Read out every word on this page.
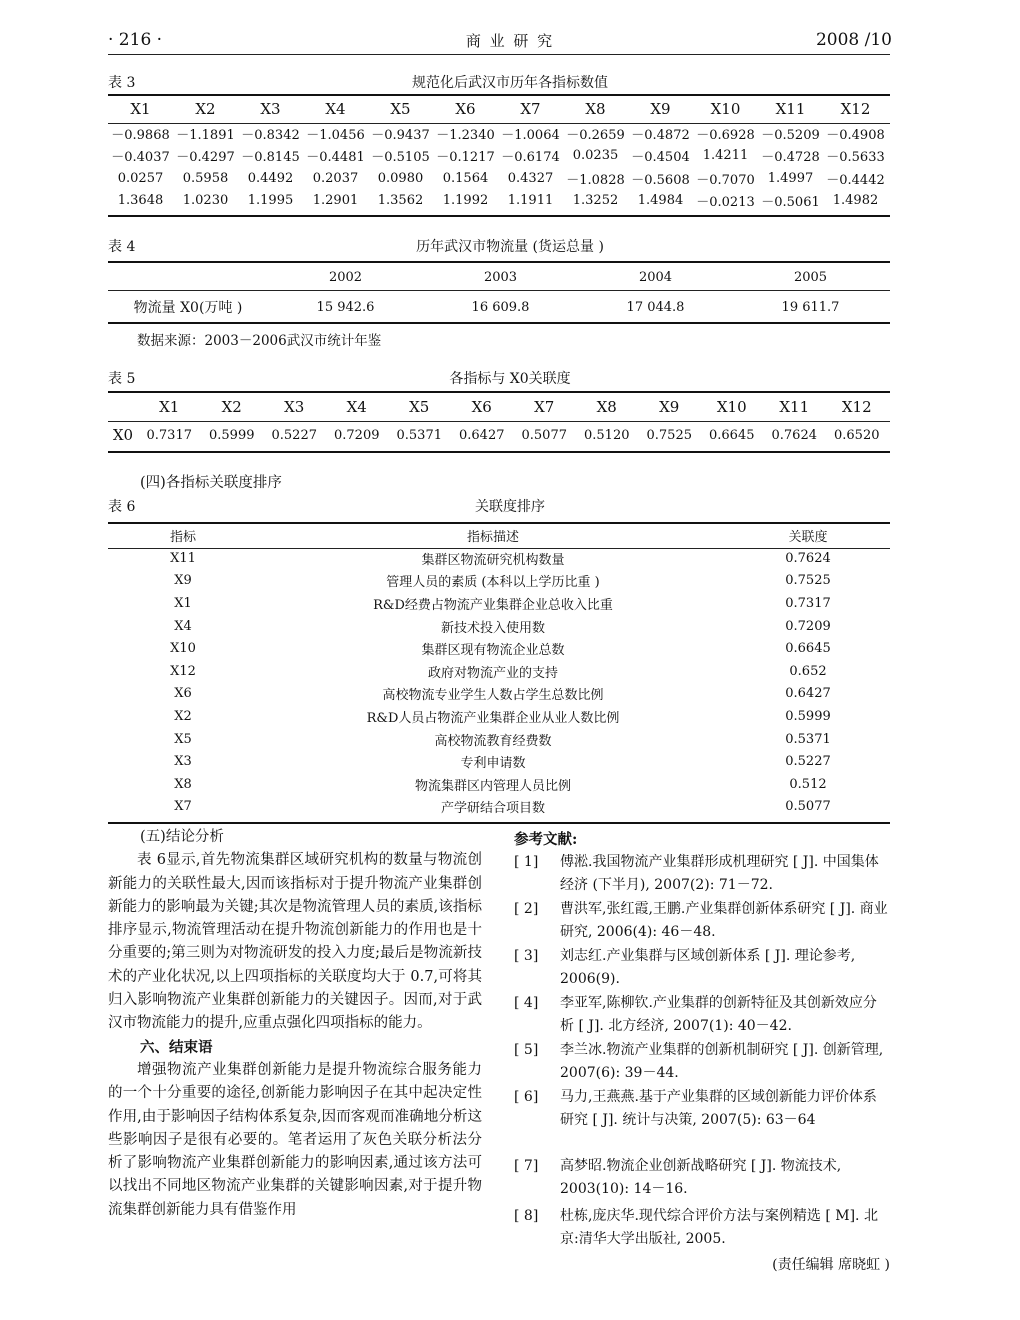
· 216 ·	商 业 研 究	2008 /10
表 3	规范化后武汉市历年各指标数值
X1	X2	X3	X4	X5	X6	X7	X8	X9	X10	X11	X12
－0.9868	－1.1891	－0.8342	－1.0456	－0.9437	－1.2340	－1.0064	－0.2659	－0.4872	－0.6928	－0.5209	－0.4908
－0.4037	－0.4297	－0.8145	－0.4481	－0.5105	－0.1217	－0.6174	0.0235	－0.4504	1.4211	－0.4728	－0.5633
0.0257	0.5958	0.4492	0.2037	0.0980	0.1564	0.4327	－1.0828	－0.5608	－0.7070	1.4997	－0.4442
1.3648	1.0230	1.1995	1.2901	1.3562	1.1992	1.1911	1.3252	1.4984	－0.0213	－0.5061	1.4982
表 4	历年武汉市物流量 (货运总量 )
	2002	2003	2004	2005
物流量 X0(万吨 )	15 942.6	16 609.8	17 044.8	19 611.7
数据来源：2003－2006武汉市统计年鉴
表 5	各指标与 X0关联度
	X1	X2	X3	X4	X5	X6	X7	X8	X9	X10	X11	X12
X0	0.7317	0.5999	0.5227	0.7209	0.5371	0.6427	0.5077	0.5120	0.7525	0.6645	0.7624	0.6520
(四)各指标关联度排序
表 6	关联度排序
指标	指标描述	关联度
X11	集群区物流研究机构数量	0.7624
X9	管理人员的素质 (本科以上学历比重 )	0.7525
X1	R&D经费占物流产业集群企业总收入比重	0.7317
X4	新技术投入使用数	0.7209
X10	集群区现有物流企业总数	0.6645
X12	政府对物流产业的支持	0.652
X6	高校物流专业学生人数占学生总数比例	0.6427
X2	R&D人员占物流产业集群企业从业人数比例	0.5999
X5	高校物流教育经费数	0.5371
X3	专利申请数	0.5227
X8	物流集群区内管理人员比例	0.512
X7	产学研结合项目数	0.5077
(五)结论分析

表 6显示,首先物流集群区域研究机构的数量与物流创新能力的关联性最大,因而该指标对于提升物流产业集群创新能力的影响最为关键;其次是物流管理人员的素质,该指标排序显示,物流管理活动在提升物流创新能力的作用也是十分重要的;第三则为对物流研发的投入力度;最后是物流新技术的产业化状况,以上四项指标的关联度均大于 0.7,可将其归入影响物流产业集群创新能力的关键因子。因而,对于武汉市物流能力的提升,应重点强化四项指标的能力。

六、结束语

增强物流产业集群创新能力是提升物流综合服务能力的一个十分重要的途径,创新能力影响因子在其中起决定性作用,由于影响因子结构体系复杂,因而客观而准确地分析这些影响因子是很有必要的。笔者运用了灰色关联分析法分析了影响物流产业集群创新能力的影响因素,通过该方法可以找出不同地区物流产业集群的关键影响因素,对于提升物流集群创新能力具有借鉴作用

参考文献:
[ 1]	傅淞.我国物流产业集群形成机理研究 [ J]. 中国集体经济 (下半月), 2007(2): 71－72.
[ 2]	曹洪军,张红霞,王鹏.产业集群创新体系研究 [ J]. 商业研究, 2006(4): 46－48.
[ 3]	刘志红.产业集群与区域创新体系 [ J]. 理论参考, 2006(9).
[ 4]	李亚军,陈柳钦.产业集群的创新特征及其创新效应分析 [ J]. 北方经济, 2007(1): 40－42.
[ 5]	李兰冰.物流产业集群的创新机制研究 [ J]. 创新管理, 2007(6): 39－44.
[ 6]	马力,王燕燕.基于产业集群的区域创新能力评价体系研究 [ J]. 统计与决策, 2007(5): 63－64
[ 7]	高梦昭.物流企业创新战略研究 [ J]. 物流技术, 2003(10): 14－16.
[ 8]	杜栋,庞庆华.现代综合评价方法与案例精选 [ M]. 北京:清华大学出版社, 2005.
(责任编辑 席晓虹 )
